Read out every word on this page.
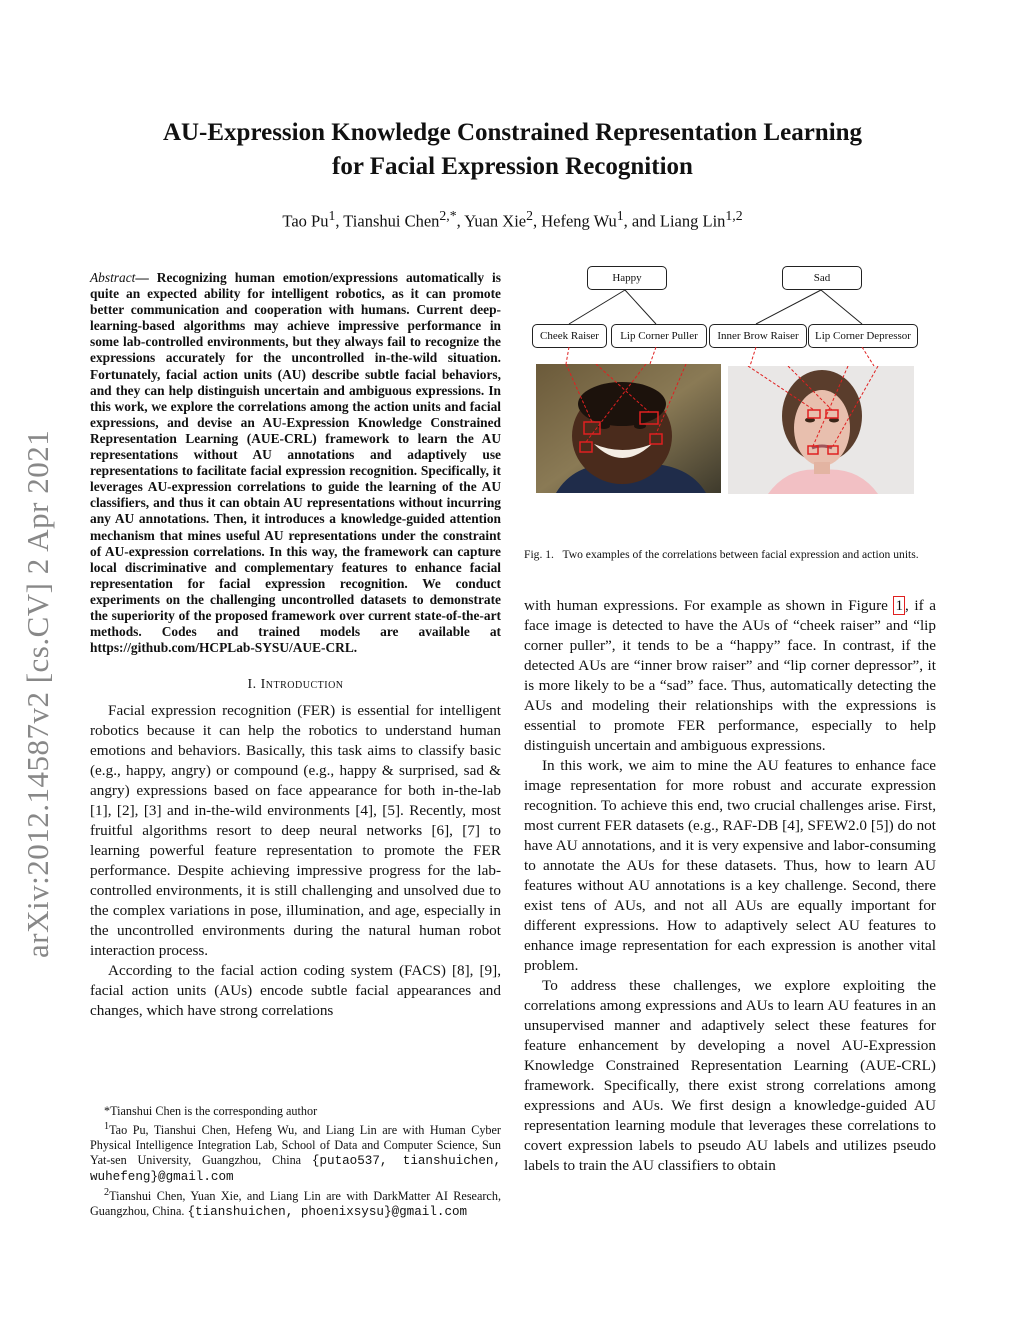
arXiv:2012.14587v2 [cs.CV] 2 Apr 2021
AU-Expression Knowledge Constrained Representation Learning
for Facial Expression Recognition
Tao Pu$^1$, Tianshui Chen$^{2,*}$, Yuan Xie$^2$, Hefeng Wu$^1$, and Liang Lin$^{1,2}$
Abstract— Recognizing human emotion/expressions automatically is quite an expected ability for intelligent robotics, as it can promote better communication and cooperation with humans. Current deep-learning-based algorithms may achieve impressive performance in some lab-controlled environments, but they always fail to recognize the expressions accurately for the uncontrolled in-the-wild situation. Fortunately, facial action units (AU) describe subtle facial behaviors, and they can help distinguish uncertain and ambiguous expressions. In this work, we explore the correlations among the action units and facial expressions, and devise an AU-Expression Knowledge Constrained Representation Learning (AUE-CRL) framework to learn the AU representations without AU annotations and adaptively use representations to facilitate facial expression recognition. Specifically, it leverages AU-expression correlations to guide the learning of the AU classifiers, and thus it can obtain AU representations without incurring any AU annotations. Then, it introduces a knowledge-guided attention mechanism that mines useful AU representations under the constraint of AU-expression correlations. In this way, the framework can capture local discriminative and complementary features to enhance facial representation for facial expression recognition. We conduct experiments on the challenging uncontrolled datasets to demonstrate the superiority of the proposed framework over current state-of-the-art methods. Codes and trained models are available at https://github.com/HCPLab-SYSU/AUE-CRL.
I. Introduction

Facial expression recognition (FER) is essential for intelligent robotics because it can help the robotics to understand human emotions and behaviors. Basically, this task aims to classify basic (e.g., happy, angry) or compound (e.g., happy & surprised, sad & angry) expressions based on face appearance for both in-the-lab [1], [2], [3] and in-the-wild environments [4], [5]. Recently, most fruitful algorithms resort to deep neural networks [6], [7] to learning powerful feature representation to promote the FER performance. Despite achieving impressive progress for the lab-controlled environments, it is still challenging and unsolved due to the complex variations in pose, illumination, and age, especially in the uncontrolled environments during the natural human robot interaction process.

According to the facial action coding system (FACS) [8], [9], facial action units (AUs) encode subtle facial appearances and changes, which have strong correlations

*Tianshui Chen is the corresponding author

$^1$Tao Pu, Tianshui Chen, Hefeng Wu, and Liang Lin are with Human Cyber Physical Intelligence Integration Lab, School of Data and Computer Science, Sun Yat-sen University, Guangzhou, China {putao537, tianshuichen, wuhefeng}@gmail.com

$^2$Tianshui Chen, Yuan Xie, and Liang Lin are with DarkMatter AI Research, Guangzhou, China. {tianshuichen, phoenixsysu}@gmail.com

Happy	Sad
Cheek Raiser	Lip Corner Puller	Inner Brow Raiser	Lip Corner Depressor
Fig. 1. Two examples of the correlations between facial expression and action units.

with human expressions. For example as shown in Figure 1 , if a face image is detected to have the AUs of “cheek raiser” and “lip corner puller”, it tends to be a “happy” face. In contrast, if the detected AUs are “inner brow raiser” and “lip corner depressor”, it is more likely to be a “sad” face. Thus, automatically detecting the AUs and modeling their relationships with the expressions is essential to promote FER performance, especially to help distinguish uncertain and ambiguous expressions.

In this work, we aim to mine the AU features to enhance face image representation for more robust and accurate expression recognition. To achieve this end, two crucial challenges arise. First, most current FER datasets (e.g., RAF-DB [4], SFEW2.0 [5]) do not have AU annotations, and it is very expensive and labor-consuming to annotate the AUs for these datasets. Thus, how to learn AU features without AU annotations is a key challenge. Second, there exist tens of AUs, and not all AUs are equally important for different expressions. How to adaptively select AU features to enhance image representation for each expression is another vital problem.

To address these challenges, we explore exploiting the correlations among expressions and AUs to learn AU features in an unsupervised manner and adaptively select these features for feature enhancement by developing a novel AU-Expression Knowledge Constrained Representation Learning (AUE-CRL) framework. Specifically, there exist strong correlations among expressions and AUs. We first design a knowledge-guided AU representation learning module that leverages these correlations to covert expression labels to pseudo AU labels and utilizes pseudo labels to train the AU classifiers to obtain
